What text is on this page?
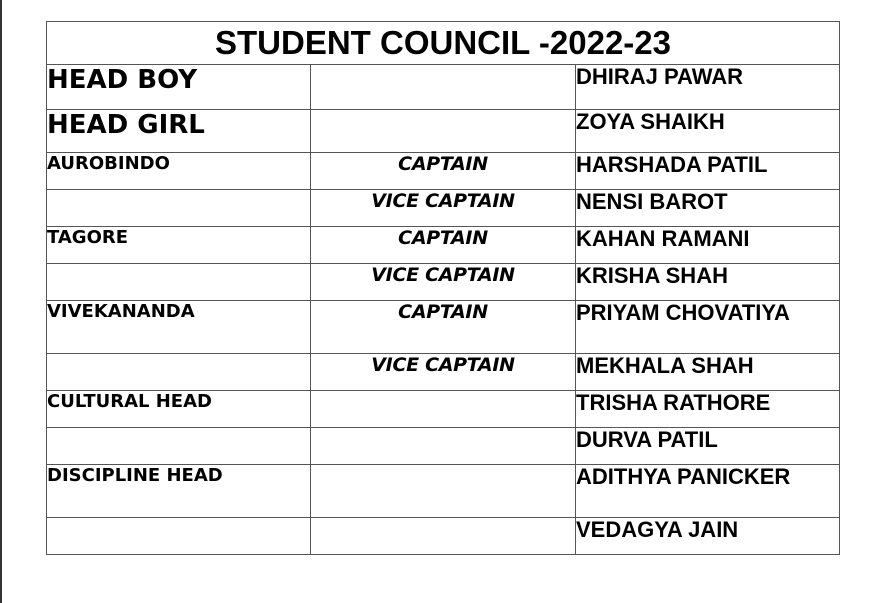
STUDENT COUNCIL -2022-23		
HEAD BOY		DHIRAJ PAWAR
HEAD GIRL		ZOYA SHAIKH
AUROBINDO	CAPTAIN	HARSHADA PATIL
	VICE CAPTAIN	NENSI BAROT
TAGORE	CAPTAIN	KAHAN RAMANI
	VICE CAPTAIN	KRISHA SHAH
VIVEKANANDA	CAPTAIN	PRIYAM CHOVATIYA
	VICE CAPTAIN	MEKHALA SHAH
CULTURAL HEAD		TRISHA RATHORE
		DURVA PATIL
DISCIPLINE HEAD		ADITHYA PANICKER
		VEDAGYA JAIN
